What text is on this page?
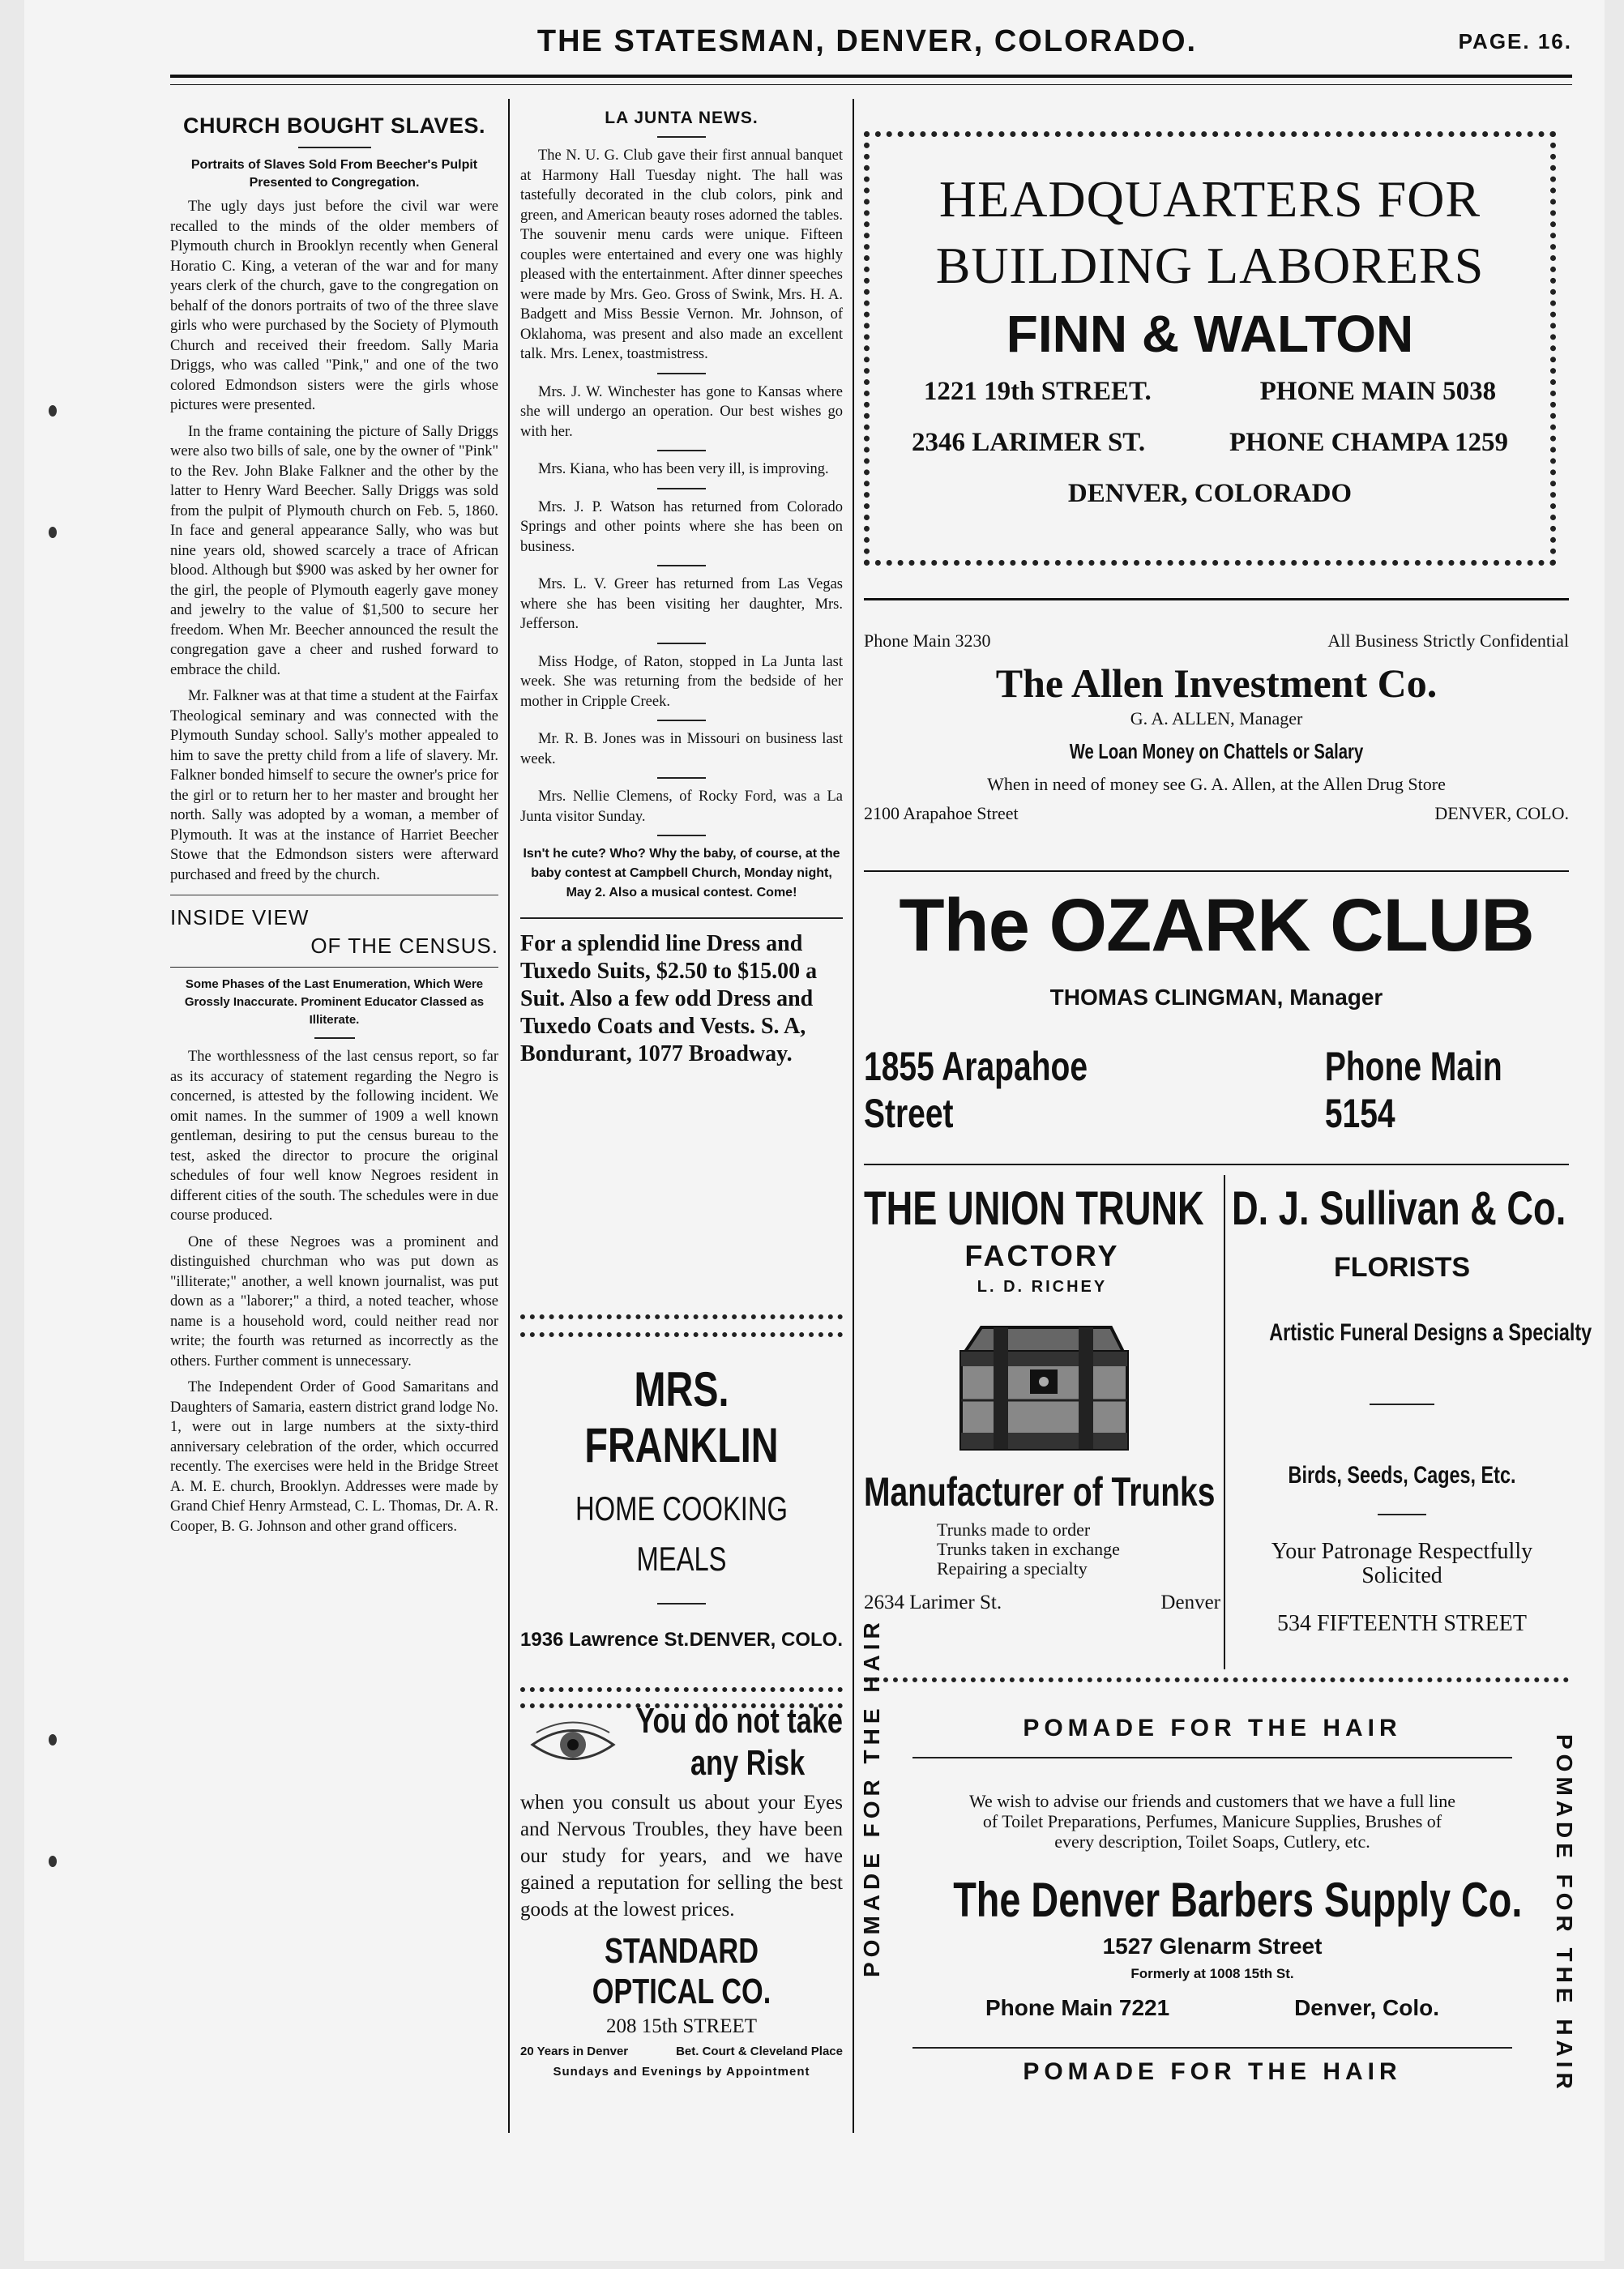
THE STATESMAN, DENVER, COLORADO.	PAGE. 16.
CHURCH BOUGHT SLAVES.
Portraits of Slaves Sold From Beecher's Pulpit Presented to Congregation.

The ugly days just before the civil war were recalled to the minds of the older members of Plymouth church in Brooklyn recently when General Horatio C. King, a veteran of the war and for many years clerk of the church, gave to the congregation on behalf of the donors portraits of two of the three slave girls who were purchased by the Society of Plymouth Church and received their freedom. Sally Maria Driggs, who was called "Pink," and one of the two colored Edmondson sisters were the girls whose pictures were presented.

In the frame containing the picture of Sally Driggs were also two bills of sale, one by the owner of "Pink" to the Rev. John Blake Falkner and the other by the latter to Henry Ward Beecher. Sally Driggs was sold from the pulpit of Plymouth church on Feb. 5, 1860. In face and general appearance Sally, who was but nine years old, showed scarcely a trace of African blood. Although but $900 was asked by her owner for the girl, the people of Plymouth eagerly gave money and jewelry to the value of $1,500 to secure her freedom. When Mr. Beecher announced the result the congregation gave a cheer and rushed forward to embrace the child.

Mr. Falkner was at that time a student at the Fairfax Theological seminary and was connected with the Plymouth Sunday school. Sally's mother appealed to him to save the pretty child from a life of slavery. Mr. Falkner bonded himself to secure the owner's price for the girl or to return her to her master and brought her north. Sally was adopted by a woman, a member of Plymouth. It was at the instance of Harriet Beecher Stowe that the Edmondson sisters were afterward purchased and freed by the church.

INSIDE VIEW
OF THE CENSUS.
Some Phases of the Last Enumeration, Which Were Grossly Inaccurate. Prominent Educator Classed as Illiterate.

The worthlessness of the last census report, so far as its accuracy of statement regarding the Negro is concerned, is attested by the following incident. We omit names. In the summer of 1909 a well known gentleman, desiring to put the census bureau to the test, asked the director to procure the original schedules of four well know Negroes resident in different cities of the south. The schedules were in due course produced.

One of these Negroes was a prominent and distinguished churchman who was put down as "illiterate;" another, a well known journalist, was put down as a "laborer;" a third, a noted teacher, whose name is a household word, could neither read nor write; the fourth was returned as incorrectly as the others. Further comment is unnecessary.

The Independent Order of Good Samaritans and Daughters of Samaria, eastern district grand lodge No. 1, were out in large numbers at the sixty-third anniversary celebration of the order, which occurred recently. The exercises were held in the Bridge Street A. M. E. church, Brooklyn. Addresses were made by Grand Chief Henry Armstead, C. L. Thomas, Dr. A. R. Cooper, B. G. Johnson and other grand officers.

LA JUNTA NEWS.

The N. U. G. Club gave their first annual banquet at Harmony Hall Tuesday night. The hall was tastefully decorated in the club colors, pink and green, and American beauty roses adorned the tables. The souvenir menu cards were unique. Fifteen couples were entertained and every one was highly pleased with the entertainment. After dinner speeches were made by Mrs. Geo. Gross of Swink, Mrs. H. A. Badgett and Miss Bessie Vernon. Mr. Johnson, of Oklahoma, was present and also made an excellent talk. Mrs. Lenex, toastmistress.

Mrs. J. W. Winchester has gone to Kansas where she will undergo an operation. Our best wishes go with her.

Mrs. Kiana, who has been very ill, is improving.

Mrs. J. P. Watson has returned from Colorado Springs and other points where she has been on business.

Mrs. L. V. Greer has returned from Las Vegas where she has been visiting her daughter, Mrs. Jefferson.

Miss Hodge, of Raton, stopped in La Junta last week. She was returning from the bedside of her mother in Cripple Creek.

Mr. R. B. Jones was in Missouri on business last week.

Mrs. Nellie Clemens, of Rocky Ford, was a La Junta visitor Sunday.

Isn't he cute? Who? Why the baby, of course, at the baby contest at Campbell Church, Monday night, May 2. Also a musical contest. Come!
For a splendid line Dress and Tuxedo Suits, $2.50 to $15.00 a Suit. Also a few odd Dress and Tuxedo Coats and Vests. S. A, Bondurant, 1077 Broadway.
MRS. FRANKLIN
HOME COOKING
MEALS
1936 Lawrence St. DENVER, COLO.
You do not take
any Risk
when you consult us about your Eyes and Nervous Troubles, they have been our study for years, and we have gained a reputation for selling the best goods at the lowest prices.
STANDARD OPTICAL CO.
208 15th STREET
20 Years in Denver	Bet. Court & Cleveland Place
Sundays and Evenings by Appointment
HEADQUARTERS FOR
BUILDING LABORERS
FINN & WALTON
1221 19th STREET.	PHONE MAIN 5038
2346 LARIMER ST.	PHONE CHAMPA 1259
DENVER, COLORADO
Phone Main 3230	All Business Strictly Confidential
The Allen Investment Co.
G. A. ALLEN, Manager
We Loan Money on Chattels or Salary
When in need of money see G. A. Allen, at the Allen Drug Store
2100 Arapahoe Street	DENVER, COLO.
The OZARK CLUB
THOMAS CLINGMAN, Manager
1855 Arapahoe Street
Phone Main 5154
THE UNION TRUNK
FACTORY
L. D. RICHEY
Manufacturer of Trunks
Trunks made to order
Trunks taken in exchange
Repairing a specialty
2634 Larimer St.	Denver
D. J. Sullivan & Co.
FLORISTS
Artistic Funeral Designs a Specialty
Birds, Seeds, Cages, Etc.
Your Patronage Respectfully Solicited
534 FIFTEENTH STREET
POMADE FOR THE HAIR	POMADE FOR THE HAIR
POMADE FOR THE HAIR
We wish to advise our friends and customers that we have a full line of Toilet Preparations, Perfumes, Manicure Supplies, Brushes of every description, Toilet Soaps, Cutlery, etc.
The Denver Barbers Supply Co.
1527 Glenarm Street
Formerly at 1008 15th St.
Phone Main 7221	Denver, Colo.
POMADE FOR THE HAIR
